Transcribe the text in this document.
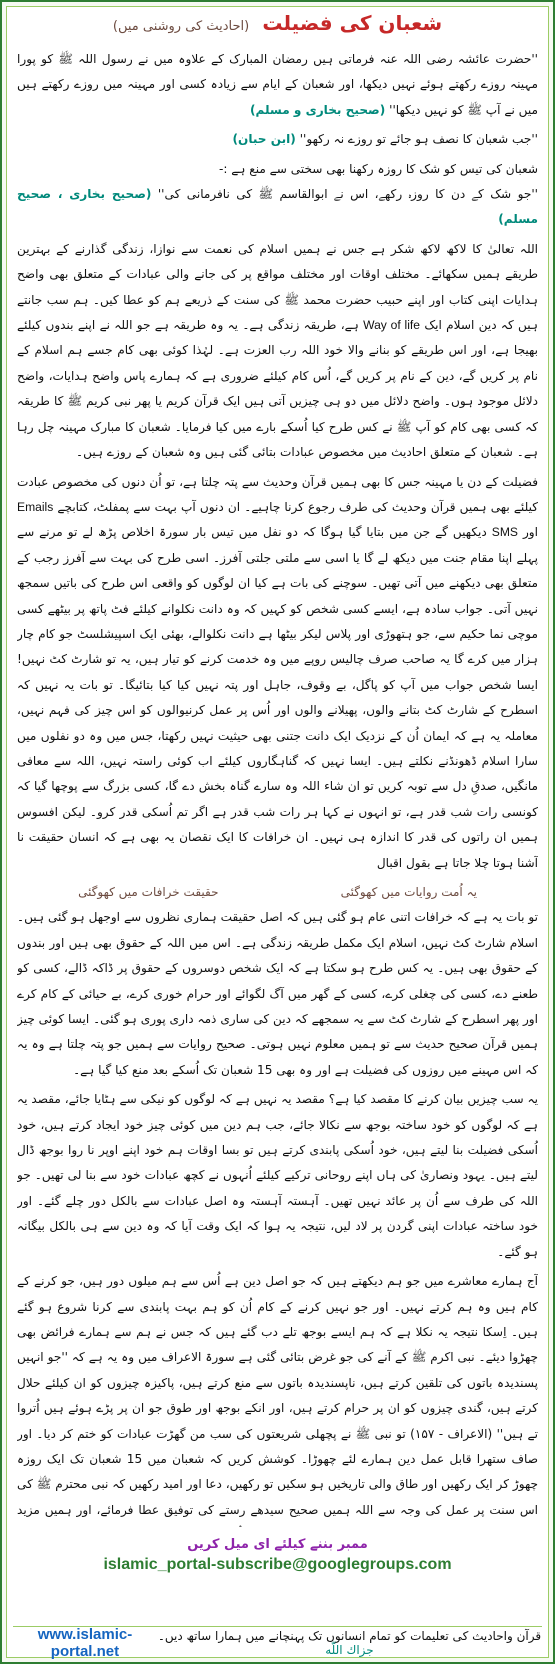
شعبان کی فضیلت (احادیث کی روشنی میں)

''حضرت عائشہ رضی اللہ عنہ فرماتی ہیں رمضان المبارک کے علاوہ میں نے رسول اللہ ﷺ کو پورا مہینہ روزے رکھتے ہوئے نہیں دیکھا، اور شعبان کے ایام سے زیادہ کسی اور مہینہ میں روزے رکھتے ہیں میں نے آپ ﷺ کو نہیں دیکھا'' (صحیح بخاری و مسلم)

''جب شعبان کا نصف ہو جائے تو روزے نہ رکھو'' (ابن حبان)

شعبان کی تیس کو شک کا روزہ رکھنا بھی سختی سے منع ہے :-
''جو شک کے دن کا روزہ رکھے، اس نے ابوالقاسم ﷺ کی نافرمانی کی'' (صحیح بخاری ، صحیح مسلم)

اللہ تعالیٰ کا لاکھ لاکھ شکر ہے جس نے ہمیں اسلام کی نعمت سے نوازا، زندگی گذارنے کے بہترین طریقے ہمیں سکھائے۔ مختلف اوقات اور مختلف مواقع پر کی جانے والی عبادات کے متعلق بھی واضح ہدایات اپنی کتاب اور اپنے حبیب حضرت محمد ﷺ کی سنت کے ذریعے ہم کو عطا کیں۔ ہم سب جانتے ہیں کہ دین اسلام ایک Way of life ہے، طریقہ زندگی ہے۔ یہ وہ طریقہ ہے جو اللہ نے اپنے بندوں کیلئے بھیجا ہے، اور اس طریقے کو بنانے والا خود اللہ رب العزت ہے۔ لہٰذا کوئی بھی کام جسے ہم اسلام کے نام پر کریں گے، دین کے نام پر کریں گے، اُس کام کیلئے ضروری ہے کہ ہمارے پاس واضح ہدایات، واضح دلائل موجود ہوں۔ واضح دلائل میں دو ہی چیزیں آتی ہیں ایک قرآن کریم یا پھر نبی کریم ﷺ کا طریقہ کہ کسی بھی کام کو آپ ﷺ نے کس طرح کیا اُسکے بارے میں کیا فرمایا۔ شعبان کا مبارک مہینہ چل رہا ہے۔ شعبان کے متعلق احادیث میں مخصوص عبادات بتائی گئی ہیں وہ شعبان کے روزے ہیں۔

فضیلت کے دن یا مہینہ جس کا بھی ہمیں قرآن وحدیث سے پتہ چلتا ہے، تو اُن دنوں کی مخصوص عبادت کیلئے بھی ہمیں قرآن وحدیث کی طرف رجوع کرنا چاہیے۔ ان دنوں آپ بہت سے پمفلٹ، کتابچے Emails اور SMS دیکھیں گے جن میں بتایا گیا ہوگا کہ دو نفل میں تیس بار سورۃ اخلاص پڑھ لے تو مرنے سے پہلے اپنا مقام جنت میں دیکھ لے گا یا اسی سے ملتی جلتی آفرز۔ اسی طرح کی بہت سے آفرز رجب کے متعلق بھی دیکھنے میں آتی تھیں۔ سوچنے کی بات ہے کیا ان لوگوں کو واقعی اس طرح کی باتیں سمجھ نہیں آتی۔ جواب سادہ ہے، ایسے کسی شخص کو کہیں کہ وہ دانت نکلوانے کیلئے فٹ پاتھ پر بیٹھے کسی موچی نما حکیم سے، جو ہتھوڑی اور پلاس لیکر بیٹھا ہے دانت نکلوالے، بھئی ایک اسپیشلسٹ جو کام چار ہزار میں کرے گا یہ صاحب صرف چالیس روپے میں وہ خدمت کرنے کو تیار ہیں، یہ تو شارٹ کٹ نہیں! ایسا شخص جواب میں آپ کو پاگل، بے وقوف، جاہل اور پتہ نہیں کیا کیا بتائیگا۔ تو بات یہ نہیں کہ اسطرح کے شارٹ کٹ بتانے والوں، پھیلانے والوں اور اُس پر عمل کرنیوالوں کو اس چیز کی فہم نہیں، معاملہ یہ ہے کہ ایمان اُن کے نزدیک ایک دانت جتنی بھی حیثیت نہیں رکھتا، جس میں وہ دو نفلوں میں سارا اسلام ڈھونڈنے نکلتے ہیں۔ ایسا نہیں کہ گناہگاروں کیلئے اب کوئی راستہ نہیں، اللہ سے معافی مانگیں، صدقِ دل سے توبہ کریں تو ان شاء اللہ وہ سارے گناہ بخش دے گا، کسی بزرگ سے پوچھا گیا کہ کونسی رات شب قدر ہے، تو انہوں نے کہا ہر رات شب قدر ہے اگر تم اُسکی قدر کرو۔ لیکن افسوس ہمیں ان راتوں کی قدر کا اندازہ ہی نہیں۔ ان خرافات کا ایک نقصان یہ بھی ہے کہ انسان حقیقت نا آشنا ہوتا چلا جاتا ہے بقول اقبال

یہ اُمت روایات میں کھوگئی
حقیقت خرافات میں کھوگئی

تو بات یہ ہے کہ خرافات اتنی عام ہو گئی ہیں کہ اصل حقیقت ہماری نظروں سے اوجھل ہو گئی ہیں۔ اسلام شارٹ کٹ نہیں، اسلام ایک مکمل طریقہ زندگی ہے۔ اس میں اللہ کے حقوق بھی ہیں اور بندوں کے حقوق بھی ہیں۔ یہ کس طرح ہو سکتا ہے کہ ایک شخص دوسروں کے حقوق پر ڈاکہ ڈالے، کسی کو طعنے دے، کسی کی چغلی کرے، کسی کے گھر میں آگ لگوائے اور حرام خوری کرے، بے حیائی کے کام کرے اور پھر اسطرح کے شارٹ کٹ سے یہ سمجھے کہ دین کی ساری ذمہ داری پوری ہو گئی۔ ایسا کوئی چیز ہمیں قرآن صحیح حدیث سے تو ہمیں معلوم نہیں ہوتی۔ صحیح روایات سے ہمیں جو پتہ چلتا ہے وہ یہ کہ اس مہینے میں روزوں کی فضیلت ہے اور وہ بھی 15 شعبان تک اُسکے بعد منع کیا گیا ہے۔

یہ سب چیزیں بیان کرنے کا مقصد کیا ہے؟ مقصد یہ نہیں ہے کہ لوگوں کو نیکی سے ہٹایا جائے، مقصد یہ ہے کہ لوگوں کو خود ساختہ بوجھ سے نکالا جائے، جب ہم دین میں کوئی چیز خود ایجاد کرتے ہیں، خود اُسکی فضیلت بنا لیتے ہیں، خود اُسکی پابندی کرتے ہیں تو بسا اوقات ہم خود اپنے اوپر نا روا بوجھ ڈال لیتے ہیں۔ یہود ونصاریٰ کی ہاں اپنے روحانی ترکیے کیلئے اُنہوں نے کچھ عبادات خود سے بنا لی تھیں۔ جو اللہ کی طرف سے اُن پر عائد نہیں تھیں۔ آہستہ آہستہ وہ اصل عبادات سے بالکل دور چلے گئے۔ اور خود ساختہ عبادات اپنی گردن پر لاد لیں، نتیجہ یہ ہوا کہ ایک وقت آیا کہ وہ دین سے ہی بالکل بیگانہ ہو گئے۔

آج ہمارے معاشرے میں جو ہم دیکھتے ہیں کہ جو اصل دین ہے اُس سے ہم میلوں دور ہیں، جو کرنے کے کام ہیں وہ ہم کرتے نہیں۔ اور جو نہیں کرنے کے کام اُن کو ہم بہت پابندی سے کرنا شروع ہو گئے ہیں۔ اِسکا نتیجہ یہ نکلا ہے کہ ہم ایسے بوجھ تلے دب گئے ہیں کہ جس نے ہم سے ہمارے فرائض بھی چھڑوا دیئے۔ نبی اکرم ﷺ کے آنے کی جو غرض بتائی گئی ہے سورۃ الاعراف میں وہ یہ ہے کہ ''جو انہیں پسندیدہ باتوں کی تلقین کرتے ہیں، ناپسندیدہ باتوں سے منع کرتے ہیں، پاکیزہ چیزوں کو ان کیلئے حلال کرتے ہیں، گندی چیزوں کو ان پر حرام کرتے ہیں، اور انکے بوجھ اور طوق جو ان پر پڑے ہوئے ہیں اُتروا تے ہیں'' (الاعراف - ۱۵۷) تو نبی ﷺ نے پچھلی شریعتوں کی سب من گھڑت عبادات کو ختم کر دیا۔ اور صاف ستھرا قابل عمل دین ہمارے لئے چھوڑا۔ کوشش کریں کہ شعبان میں 15 شعبان تک ایک روزہ چھوڑ کر ایک رکھیں اور طاق والی تاریخیں ہو سکیں تو رکھیں، دعا اور امید رکھیں کہ نبی محترم ﷺ کی اس سنت پر عمل کی وجہ سے اللہ ہمیں صحیح سیدھے رستے کی توفیق عطا فرمائے، اور ہمیں مزید

ممبر بننے کیلئے ای میل کریں
islamic_portal-subscribe@googlegroups.com
www.islamic-portal.net
قرآن واحادیث کی تعلیمات کو تمام انسانوں تک پہنچانے میں ہمارا ساتھ دیں۔ جزاك اللّه
